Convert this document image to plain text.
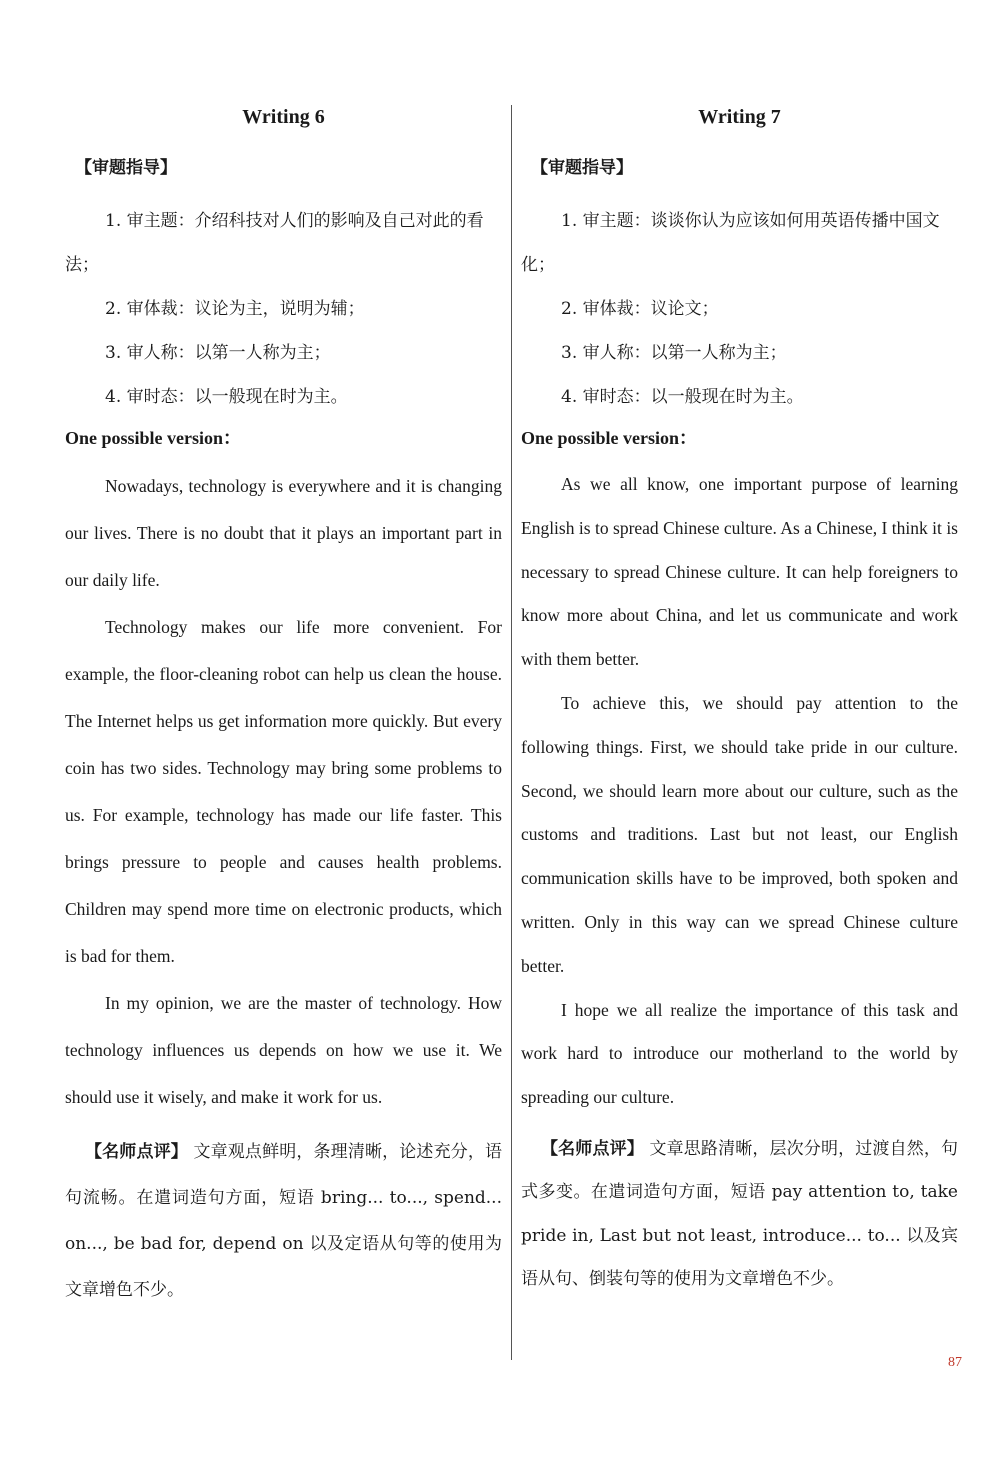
Writing 6
【审题指导】

1. 审主题：介绍科技对人们的影响及自己对此的看法；

2. 审体裁：议论为主，说明为辅；

3. 审人称：以第一人称为主；

4. 审时态：以一般现在时为主。

One possible version：

Nowadays, technology is everywhere and it is changing our lives. There is no doubt that it plays an important part in our daily life.

Technology makes our life more convenient. For example, the floor-cleaning robot can help us clean the house. The Internet helps us get information more quickly. But every coin has two sides. Technology may bring some problems to us. For example, technology has made our life faster. This brings pressure to people and causes health problems. Children may spend more time on electronic products, which is bad for them.

In my opinion, we are the master of technology. How technology influences us depends on how we use it. We should use it wisely, and make it work for us.

【名师点评】 文章观点鲜明，条理清晰，论述充分，语句流畅。在遣词造句方面，短语 bring... to..., spend... on..., be bad for, depend on 以及定语从句等的使用为文章增色不少。

Writing 7
【审题指导】

1. 审主题：谈谈你认为应该如何用英语传播中国文化；

2. 审体裁：议论文；

3. 审人称：以第一人称为主；

4. 审时态：以一般现在时为主。

One possible version：

As we all know, one important purpose of learning English is to spread Chinese culture. As a Chinese, I think it is necessary to spread Chinese culture. It can help foreigners to know more about China, and let us communicate and work with them better.

To achieve this, we should pay attention to the following things. First, we should take pride in our culture. Second, we should learn more about our culture, such as the customs and traditions. Last but not least, our English communication skills have to be improved, both spoken and written. Only in this way can we spread Chinese culture better.

I hope we all realize the importance of this task and work hard to introduce our motherland to the world by spreading our culture.

【名师点评】 文章思路清晰，层次分明，过渡自然，句式多变。在遣词造句方面，短语 pay attention to, take pride in, Last but not least, introduce... to... 以及宾语从句、倒装句等的使用为文章增色不少。

87
